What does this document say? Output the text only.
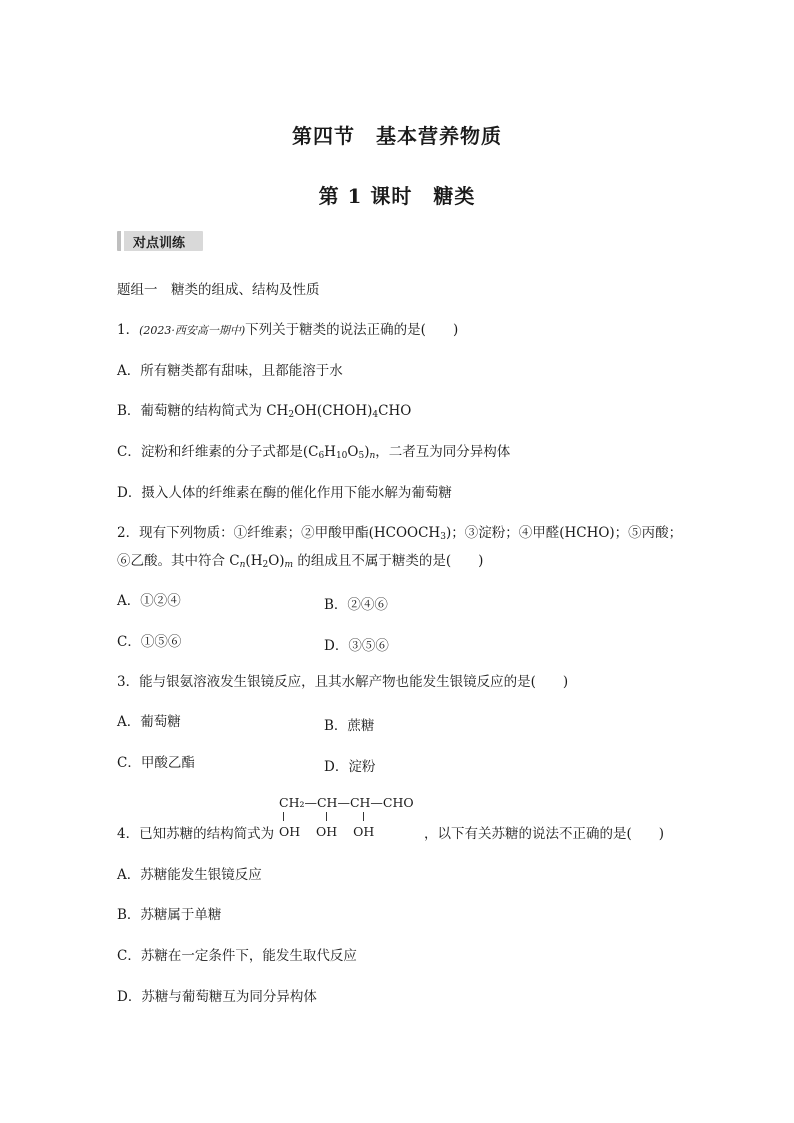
第四节　基本营养物质
第 1 课时　糖类
对点训练
题组一　糖类的组成、结构及性质
1．(2023·西安高一期中)下列关于糖类的说法正确的是(　　)
A．所有糖类都有甜味，且都能溶于水
B．葡萄糖的结构简式为 $CH_2OH(CHOH)_4CHO$
C．淀粉和纤维素的分子式都是$(C_6H_{10}O_5)_n$，二者互为同分异构体
D．摄入人体的纤维素在酶的催化作用下能水解为葡萄糖
2．现有下列物质：①纤维素；②甲酸甲酯$(HCOOCH_3)$；③淀粉；④甲醛(HCHO)；⑤丙酸；
⑥乙酸。其中符合 $C_n(H_2O)_m$ 的组成且不属于糖类的是(　　)
A．①②④	B．②④⑥
C．①⑤⑥	D．③⑤⑥
3．能与银氨溶液发生银镜反应，且其水解产物也能发生银镜反应的是(　　)
A．葡萄糖	B．蔗糖
C．甲酸乙酯	D．淀粉
CH₂—CH—CH—CHO
OH    OH    OH
4．已知苏糖的结构简式为	，以下有关苏糖的说法不正确的是(　　)
A．苏糖能发生银镜反应
B．苏糖属于单糖
C．苏糖在一定条件下，能发生取代反应
D．苏糖与葡萄糖互为同分异构体
